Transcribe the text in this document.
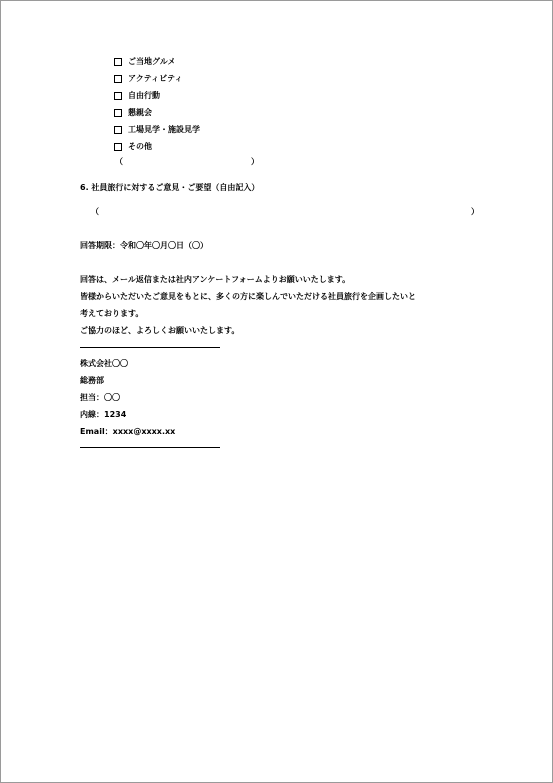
ご当地グルメ
アクティビティ
自由行動
懇親会
工場見学・施設見学
その他
（	）
6. 社員旅行に対するご意見・ご要望（自由記入）
（	）
回答期限：令和〇年〇月〇日（〇）
回答は、メール返信または社内アンケートフォームよりお願いいたします。
皆様からいただいたご意見をもとに、多くの方に楽しんでいただける社員旅行を企画したいと
考えております。
ご協力のほど、よろしくお願いいたします。
株式会社〇〇
総務部
担当：〇〇
内線：1234
Email：xxxx@xxxx.xx
